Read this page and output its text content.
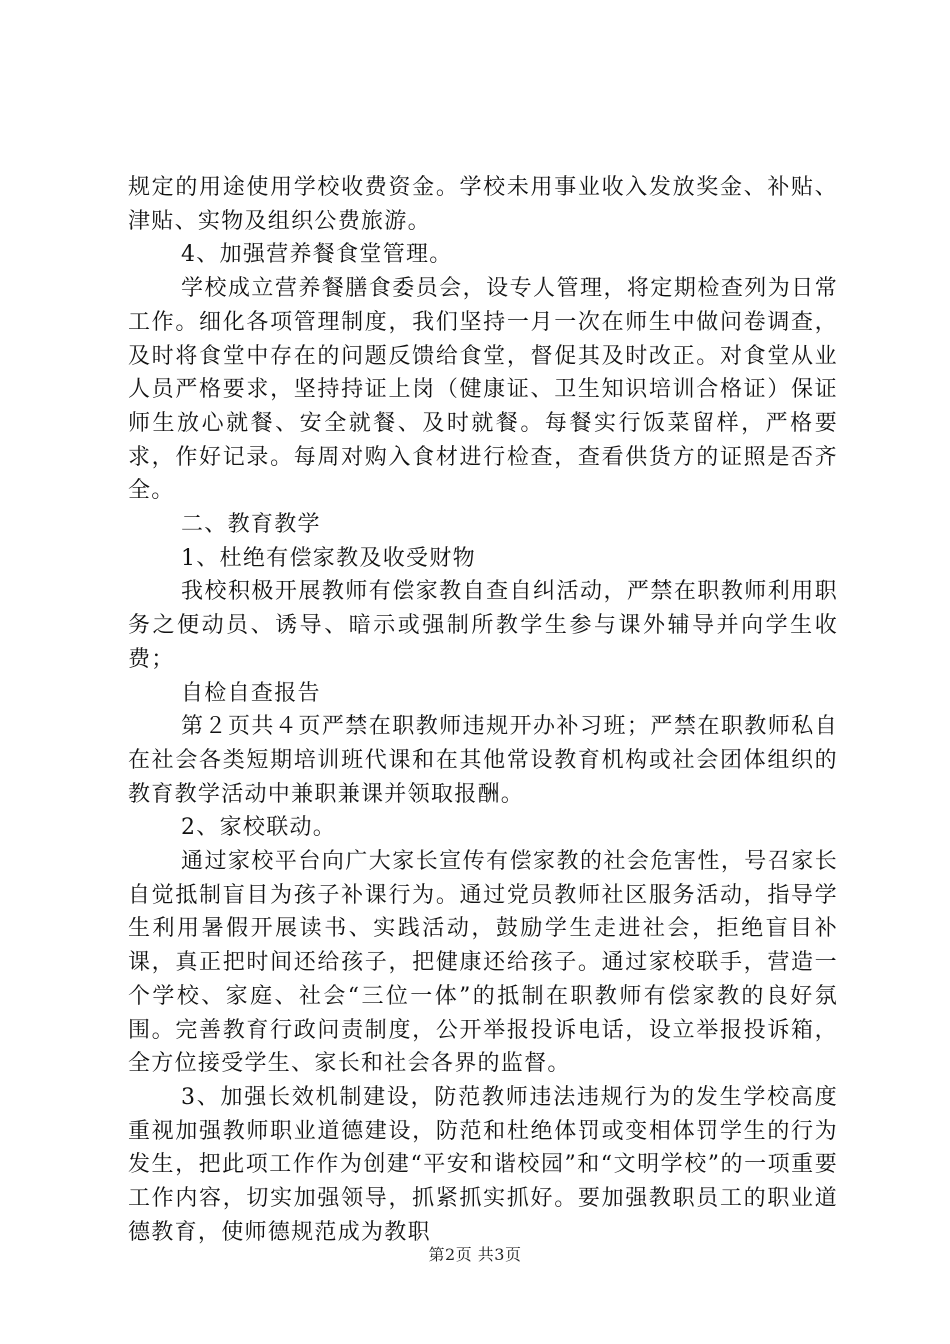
规定的用途使用学校收费资金。学校未用事业收入发放奖金、补贴、津贴、实物及组织公费旅游。

4、加强营养餐食堂管理。

学校成立营养餐膳食委员会，设专人管理，将定期检查列为日常工作。细化各项管理制度，我们坚持一月一次在师生中做问卷调查，及时将食堂中存在的问题反馈给食堂，督促其及时改正。对食堂从业人员严格要求，坚持持证上岗（健康证、卫生知识培训合格证）保证师生放心就餐、安全就餐、及时就餐。每餐实行饭菜留样，严格要求，作好记录。每周对购入食材进行检查，查看供货方的证照是否齐全。

二、教育教学

1、杜绝有偿家教及收受财物

我校积极开展教师有偿家教自查自纠活动，严禁在职教师利用职务之便动员、诱导、暗示或强制所教学生参与课外辅导并向学生收费；

自检自查报告

第２页共４页严禁在职教师违规开办补习班；严禁在职教师私自在社会各类短期培训班代课和在其他常设教育机构或社会团体组织的教育教学活动中兼职兼课并领取报酬。

2、家校联动。

通过家校平台向广大家长宣传有偿家教的社会危害性，号召家长自觉抵制盲目为孩子补课行为。通过党员教师社区服务活动，指导学生利用暑假开展读书、实践活动，鼓励学生走进社会，拒绝盲目补课，真正把时间还给孩子，把健康还给孩子。通过家校联手，营造一个学校、家庭、社会“三位一体”的抵制在职教师有偿家教的良好氛围。完善教育行政问责制度，公开举报投诉电话，设立举报投诉箱，全方位接受学生、家长和社会各界的监督。

3、加强长效机制建设，防范教师违法违规行为的发生学校高度重视加强教师职业道德建设，防范和杜绝体罚或变相体罚学生的行为发生，把此项工作作为创建“平安和谐校园”和“文明学校”的一项重要工作内容，切实加强领导，抓紧抓实抓好。要加强教职员工的职业道德教育，使师德规范成为教职

第2页 共3页
